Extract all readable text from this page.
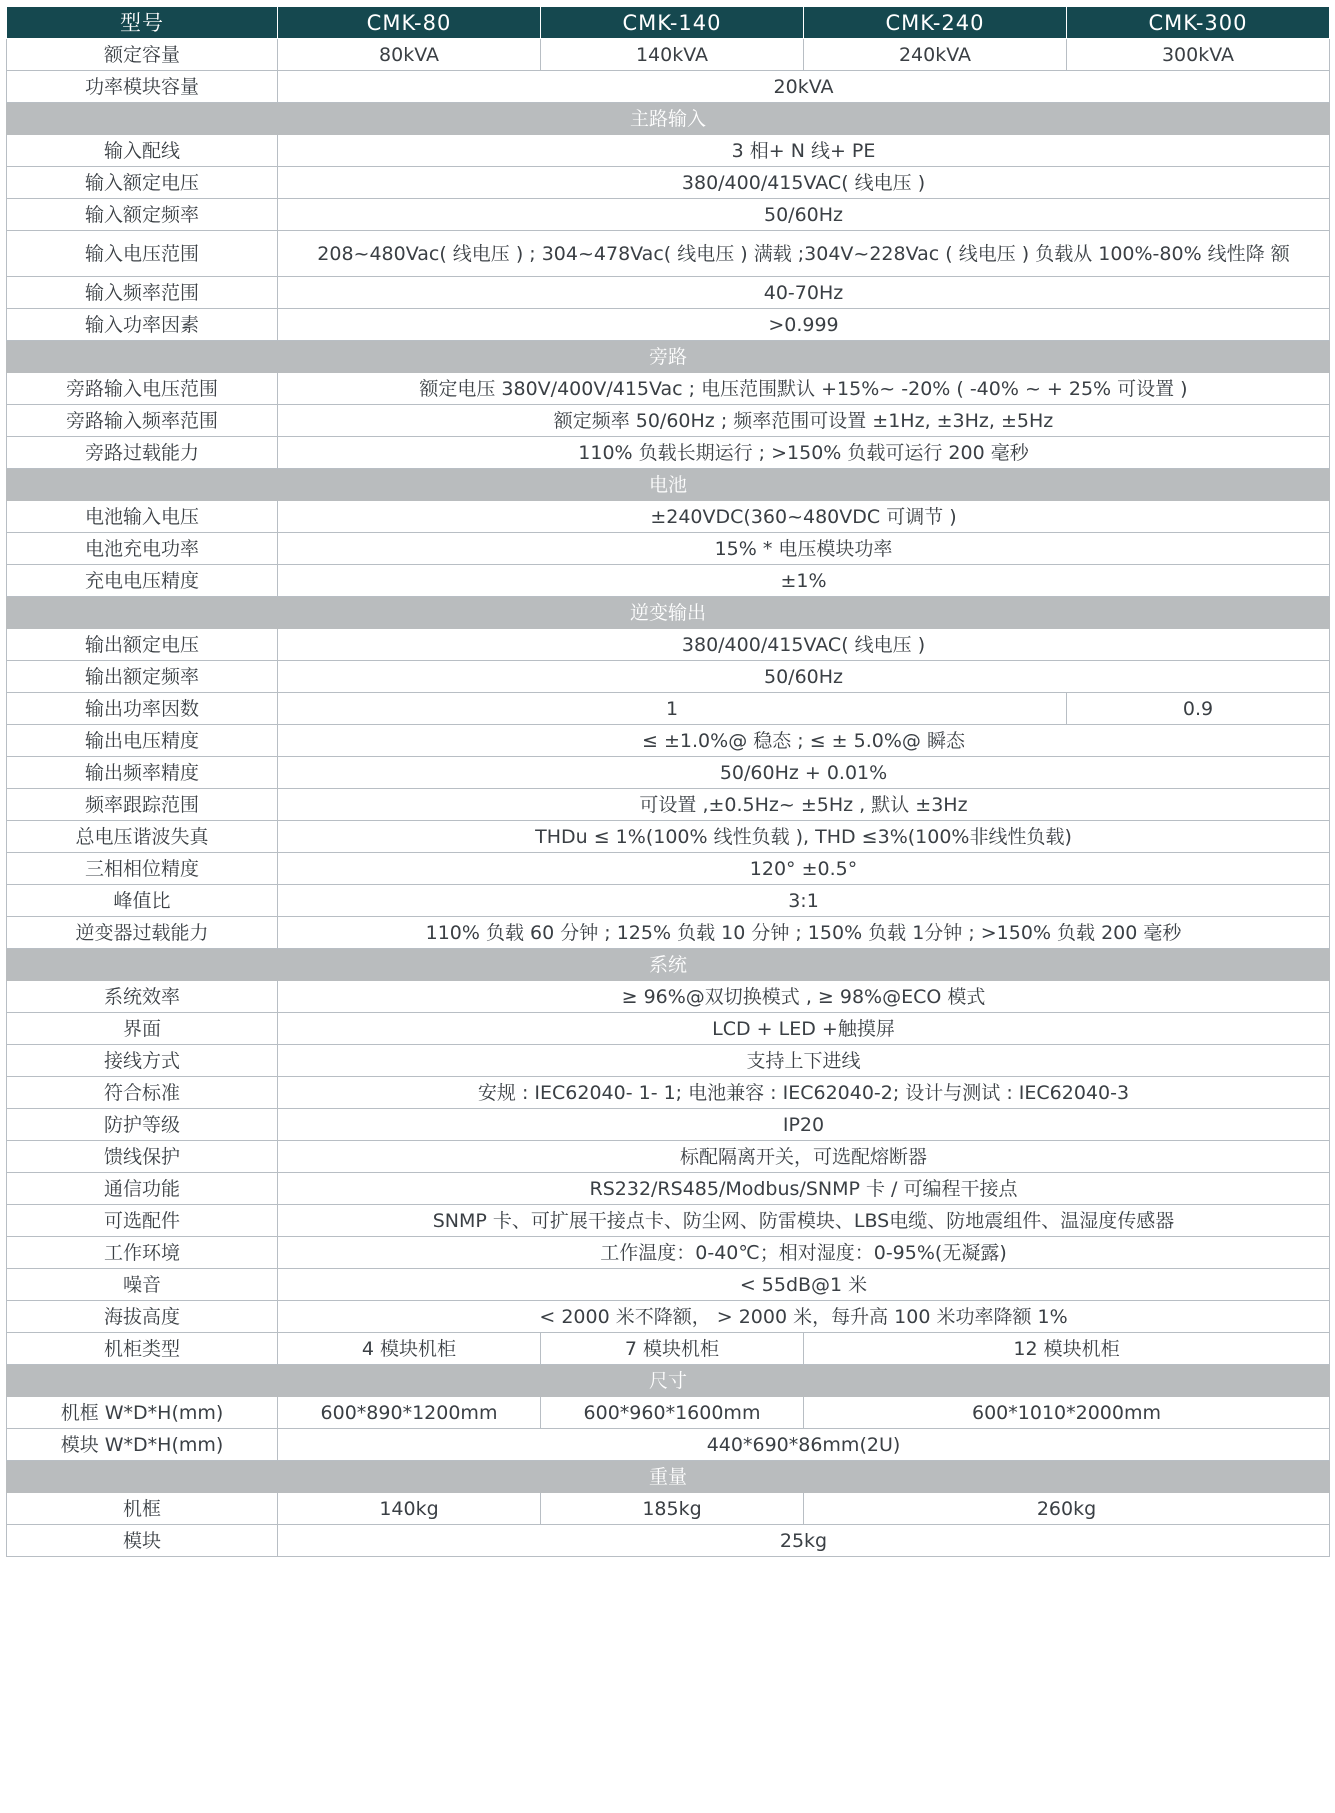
型号	CMK-80	CMK-140	CMK-240	CMK-300
额定容量	80kVA	140kVA	240kVA	300kVA
功率模块容量	20kVA			
主路输入				
输入配线	3 相+ N 线+ PE			
输入额定电压	380/400/415VAC( 线电压 )			
输入额定频率	50/60Hz			
输入电压范围	208~480Vac( 线电压 ) ; 304~478Vac( 线电压 ) 满载 ;304V~228Vac ( 线电压 ) 负载从 100%-80% 线性降 额			
输入频率范围	40-70Hz			
输入功率因素	>0.999			
旁路				
旁路输入电压范围	额定电压 380V/400V/415Vac ; 电压范围默认 +15%~ -20% ( -40% ~ + 25% 可设置 )			
旁路输入频率范围	额定频率 50/60Hz ; 频率范围可设置 ±1Hz, ±3Hz, ±5Hz			
旁路过载能力	110% 负载长期运行 ; >150% 负载可运行 200 毫秒			
电池				
电池输入电压	±240VDC(360~480VDC 可调节 )			
电池充电功率	15% * 电压模块功率			
充电电压精度	±1%			
逆变输出				
输出额定电压	380/400/415VAC( 线电压 )			
输出额定频率	50/60Hz			
输出功率因数	1			0.9
输出电压精度	≤ ±1.0%@ 稳态 ; ≤ ± 5.0%@ 瞬态			
输出频率精度	50/60Hz + 0.01%			
频率跟踪范围	可设置 ,±0.5Hz~ ±5Hz , 默认 ±3Hz			
总电压谐波失真	THDu ≤ 1%(100% 线性负载 ), THD ≤3%(100%非线性负载)			
三相相位精度	120° ±0.5°			
峰值比	3:1			
逆变器过载能力	110% 负载 60 分钟 ; 125% 负载 10 分钟 ; 150% 负载 1分钟 ; >150% 负载 200 毫秒			
系统				
系统效率	≥ 96%@双切换模式 , ≥ 98%@ECO 模式			
界面	LCD + LED +触摸屏			
接线方式	支持上下进线			
符合标准	安规 : IEC62040- 1- 1; 电池兼容 : IEC62040-2; 设计与测试 : IEC62040-3			
防护等级	IP20			
馈线保护	标配隔离开关，可选配熔断器			
通信功能	RS232/RS485/Modbus/SNMP 卡 / 可编程干接点			
可选配件	SNMP 卡、可扩展干接点卡、防尘网、防雷模块、LBS电缆、防地震组件、温湿度传感器			
工作环境	工作温度：0-40℃；相对湿度：0-95%(无凝露)			
噪音	< 55dB@1 米			
海拔高度	< 2000 米不降额， > 2000 米，每升高 100 米功率降额 1%			
机柜类型	4 模块机柜	7 模块机柜	12 模块机柜	
尺寸				
机框 W*D*H(mm)	600*890*1200mm	600*960*1600mm	600*1010*2000mm	
模块 W*D*H(mm)	440*690*86mm(2U)			
重量				
机框	140kg	185kg	260kg	
模块	25kg			
